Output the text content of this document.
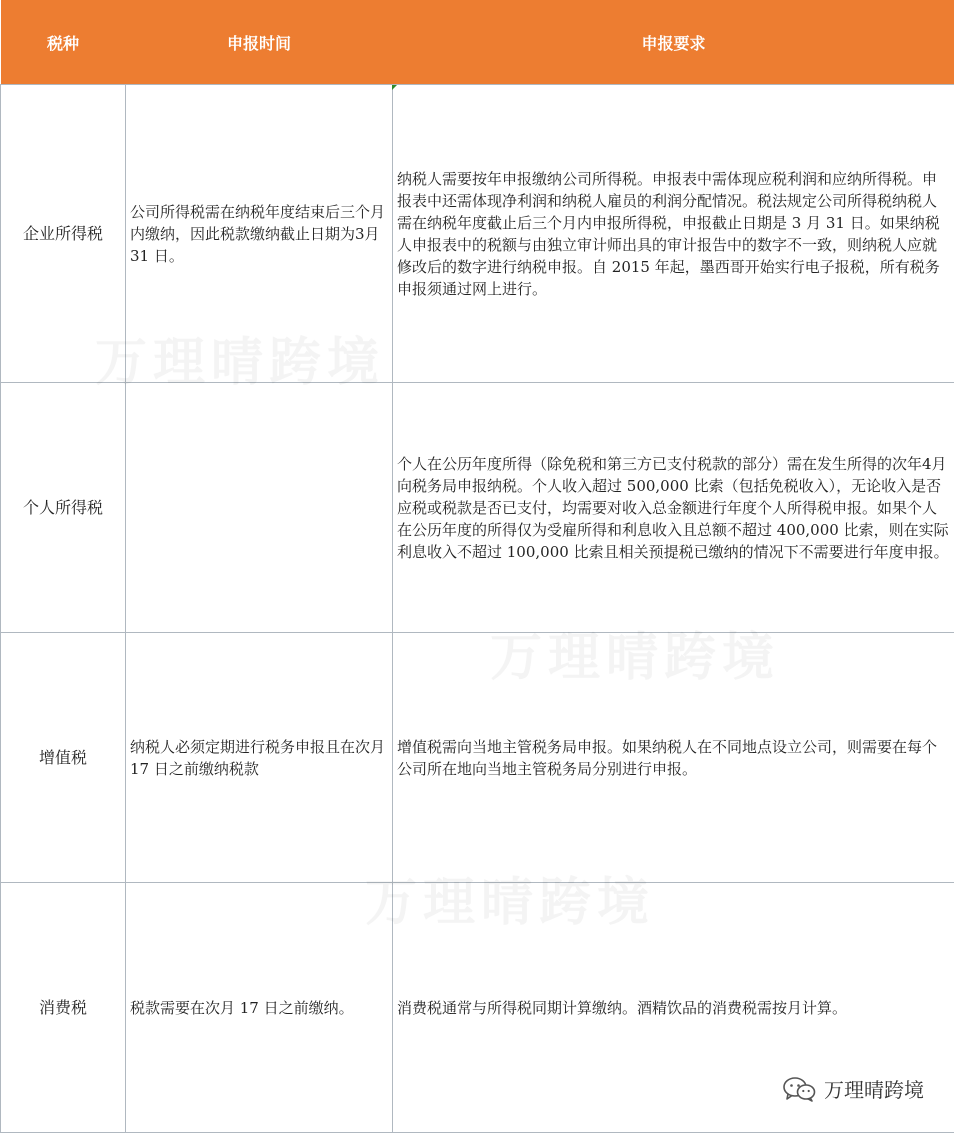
税种	申报时间	申报要求
企业所得税	公司所得税需在纳税年度结束后三个月内缴纳，因此税款缴纳截止日期为3月 31 日。	纳税人需要按年申报缴纳公司所得税。申报表中需体现应税利润和应纳所得税。申报表中还需体现净利润和纳税人雇员的利润分配情况。税法规定公司所得税纳税人需在纳税年度截止后三个月内申报所得税，申报截止日期是 3 月 31 日。如果纳税人申报表中的税额与由独立审计师出具的审计报告中的数字不一致，则纳税人应就修改后的数字进行纳税申报。自 2015 年起，墨西哥开始实行电子报税，所有税务申报须通过网上进行。
个人所得税		个人在公历年度所得（除免税和第三方已支付税款的部分）需在发生所得的次年4月向税务局申报纳税。个人收入超过 500,000 比索（包括免税收入），无论收入是否应税或税款是否已支付，均需要对收入总金额进行年度个人所得税申报。如果个人在公历年度的所得仅为受雇所得和利息收入且总额不超过 400,000 比索，则在实际利息收入不超过 100,000 比索且相关预提税已缴纳的情况下不需要进行年度申报。
增值税	纳税人必须定期进行税务申报且在次月 17 日之前缴纳税款	增值税需向当地主管税务局申报。如果纳税人在不同地点设立公司，则需要在每个公司所在地向当地主管税务局分别进行申报。
消费税	税款需要在次月 17 日之前缴纳。	消费税通常与所得税同期计算缴纳。酒精饮品的消费税需按月计算。
万理晴跨境
